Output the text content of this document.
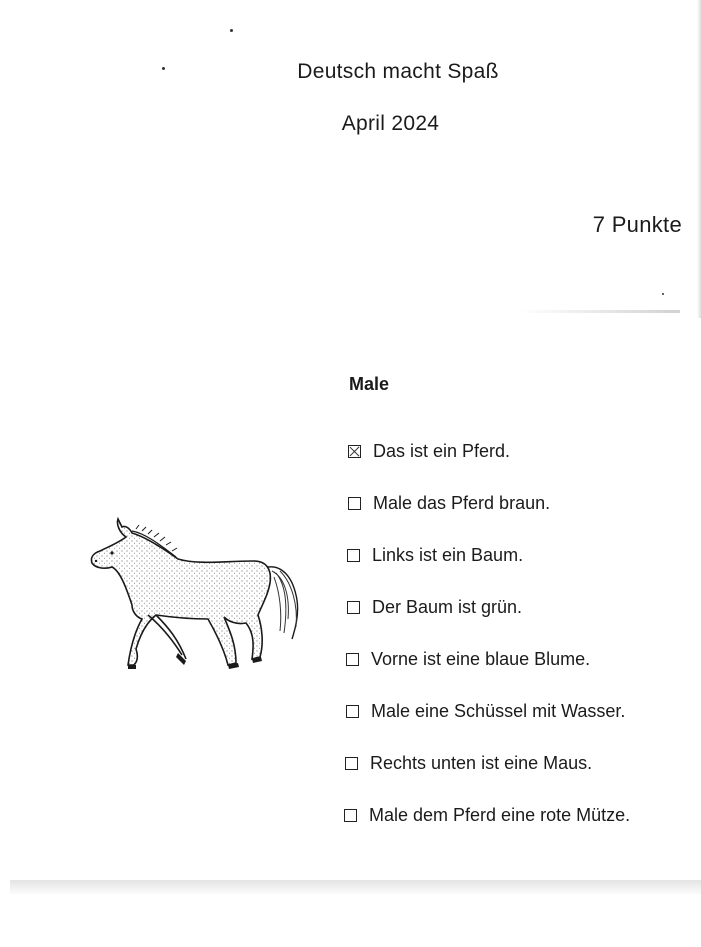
Deutsch macht Spaß
April 2024
7 Punkte
Male
Das ist ein Pferd.
Male das Pferd braun.
Links ist ein Baum.
Der Baum ist grün.
Vorne ist eine blaue Blume.
Male eine Schüssel mit Wasser.
Rechts unten ist eine Maus.
Male dem Pferd eine rote Mütze.
